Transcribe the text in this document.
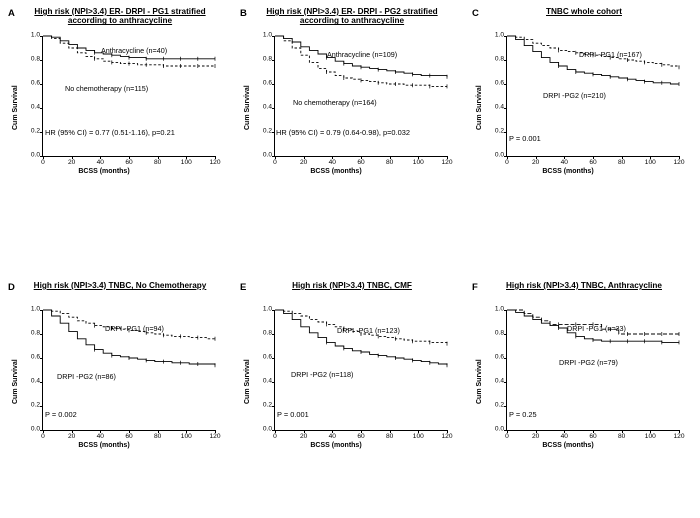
A	High risk (NPI>3.4) ER- DRPI - PG1 stratified according to anthracycline
Cum Survival
0.0
0.2
0.4
0.6
0.8
1.0
0	20	40	60	80	100	120
Anthracycline (n=40)
No chemotherapy (n=115)
HR (95% CI) = 0.77 (0.51-1.16), p=0.21
BCSS (months)
B	High risk (NPI>3.4) ER- DRPI - PG2 stratified according to anthracycline
Cum Survival
0.0
0.2
0.4
0.6
0.8
1.0
0	20	40	60	80	100	120
Anthracycline (n=109)
No chemotherapy (n=164)
HR (95% CI) = 0.79 (0.64-0.98), p=0.032
BCSS (months)
C	TNBC whole cohort
Cum Survival
0.0
0.2
0.4
0.6
0.8
1.0
0	20	40	60	80	100	120
DRPI -PG1 (n=167)
DRPI -PG2 (n=210)
P = 0.001
BCSS (months)
D	High risk (NPI>3.4) TNBC, No Chemotherapy
Cum Survival
0.0
0.2
0.4
0.6
0.8
1.0
0	20	40	60	80	100	120
DRPI -PG1 (n=94)
DRPI -PG2 (n=86)
P = 0.002
BCSS (months)
E	High risk (NPI>3.4) TNBC, CMF
Cum Survival
0.0
0.2
0.4
0.6
0.8
1.0
0	20	40	60	80	100	120
DRPI -PG1 (n=123)
DRPI -PG2 (n=118)
P = 0.001
BCSS (months)
F	High risk (NPI>3.4) TNBC, Anthracycline
Cum Survival
0.0
0.2
0.4
0.6
0.8
1.0
0	20	40	60	80	100	120
DRPI -PG1 (n=33)
DRPI -PG2 (n=79)
P = 0.25
BCSS (months)
